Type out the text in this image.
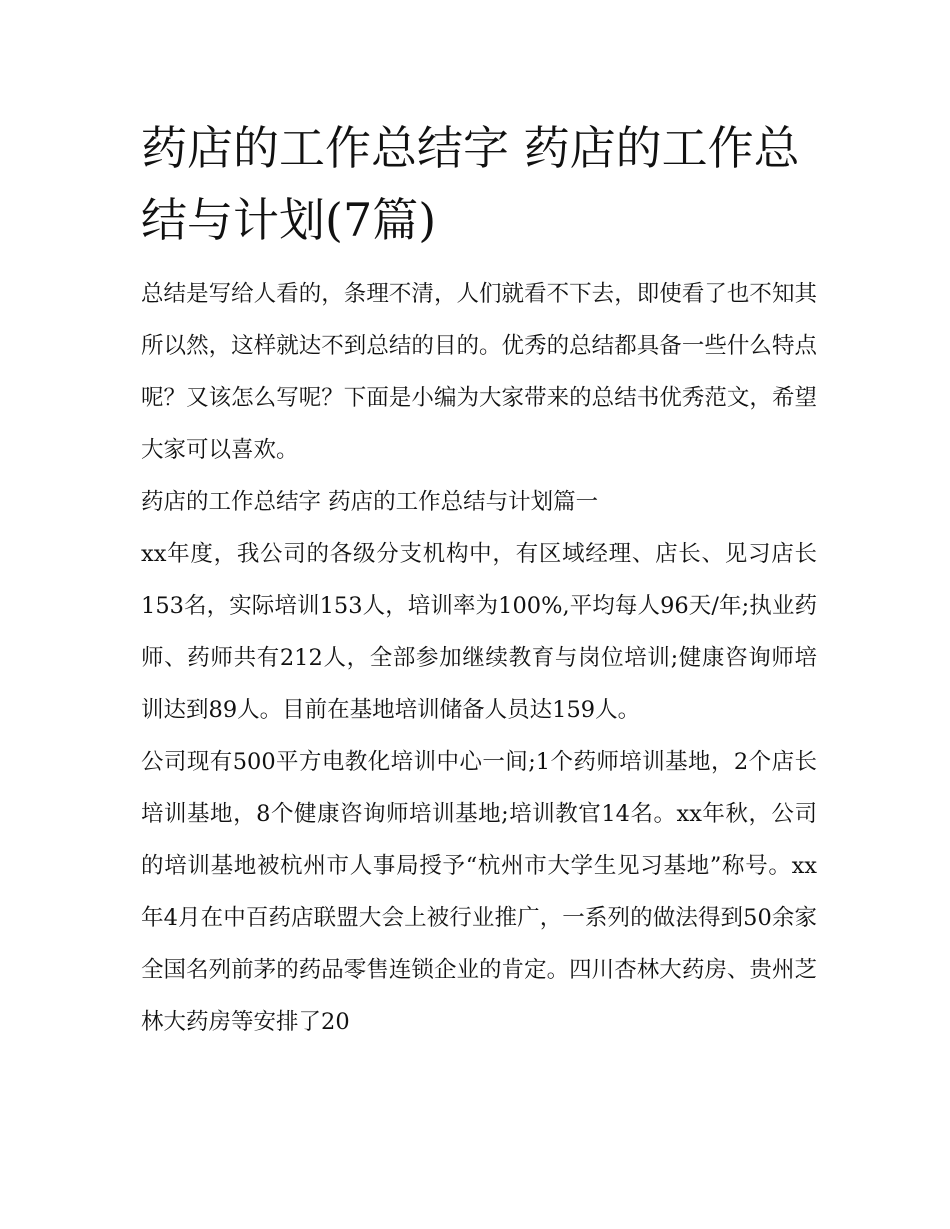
药店的工作总结字 药店的工作总结与计划(7篇)

总结是写给人看的，条理不清，人们就看不下去，即使看了也不知其所以然，这样就达不到总结的目的。优秀的总结都具备一些什么特点呢？又该怎么写呢？下面是小编为大家带来的总结书优秀范文，希望大家可以喜欢。

药店的工作总结字 药店的工作总结与计划篇一

xx年度，我公司的各级分支机构中，有区域经理、店长、见习店长153名，实际培训153人，培训率为100%,平均每人96天/年;执业药师、药师共有212人，全部参加继续教育与岗位培训;健康咨询师培训达到89人。目前在基地培训储备人员达159人。

公司现有500平方电教化培训中心一间;1个药师培训基地，2个店长培训基地，8个健康咨询师培训基地;培训教官14名。xx年秋，公司的培训基地被杭州市人事局授予“杭州市大学生见习基地”称号。xx年4月在中百药店联盟大会上被行业推广，一系列的做法得到50余家全国名列前茅的药品零售连锁企业的肯定。四川杏林大药房、贵州芝林大药房等安排了20
